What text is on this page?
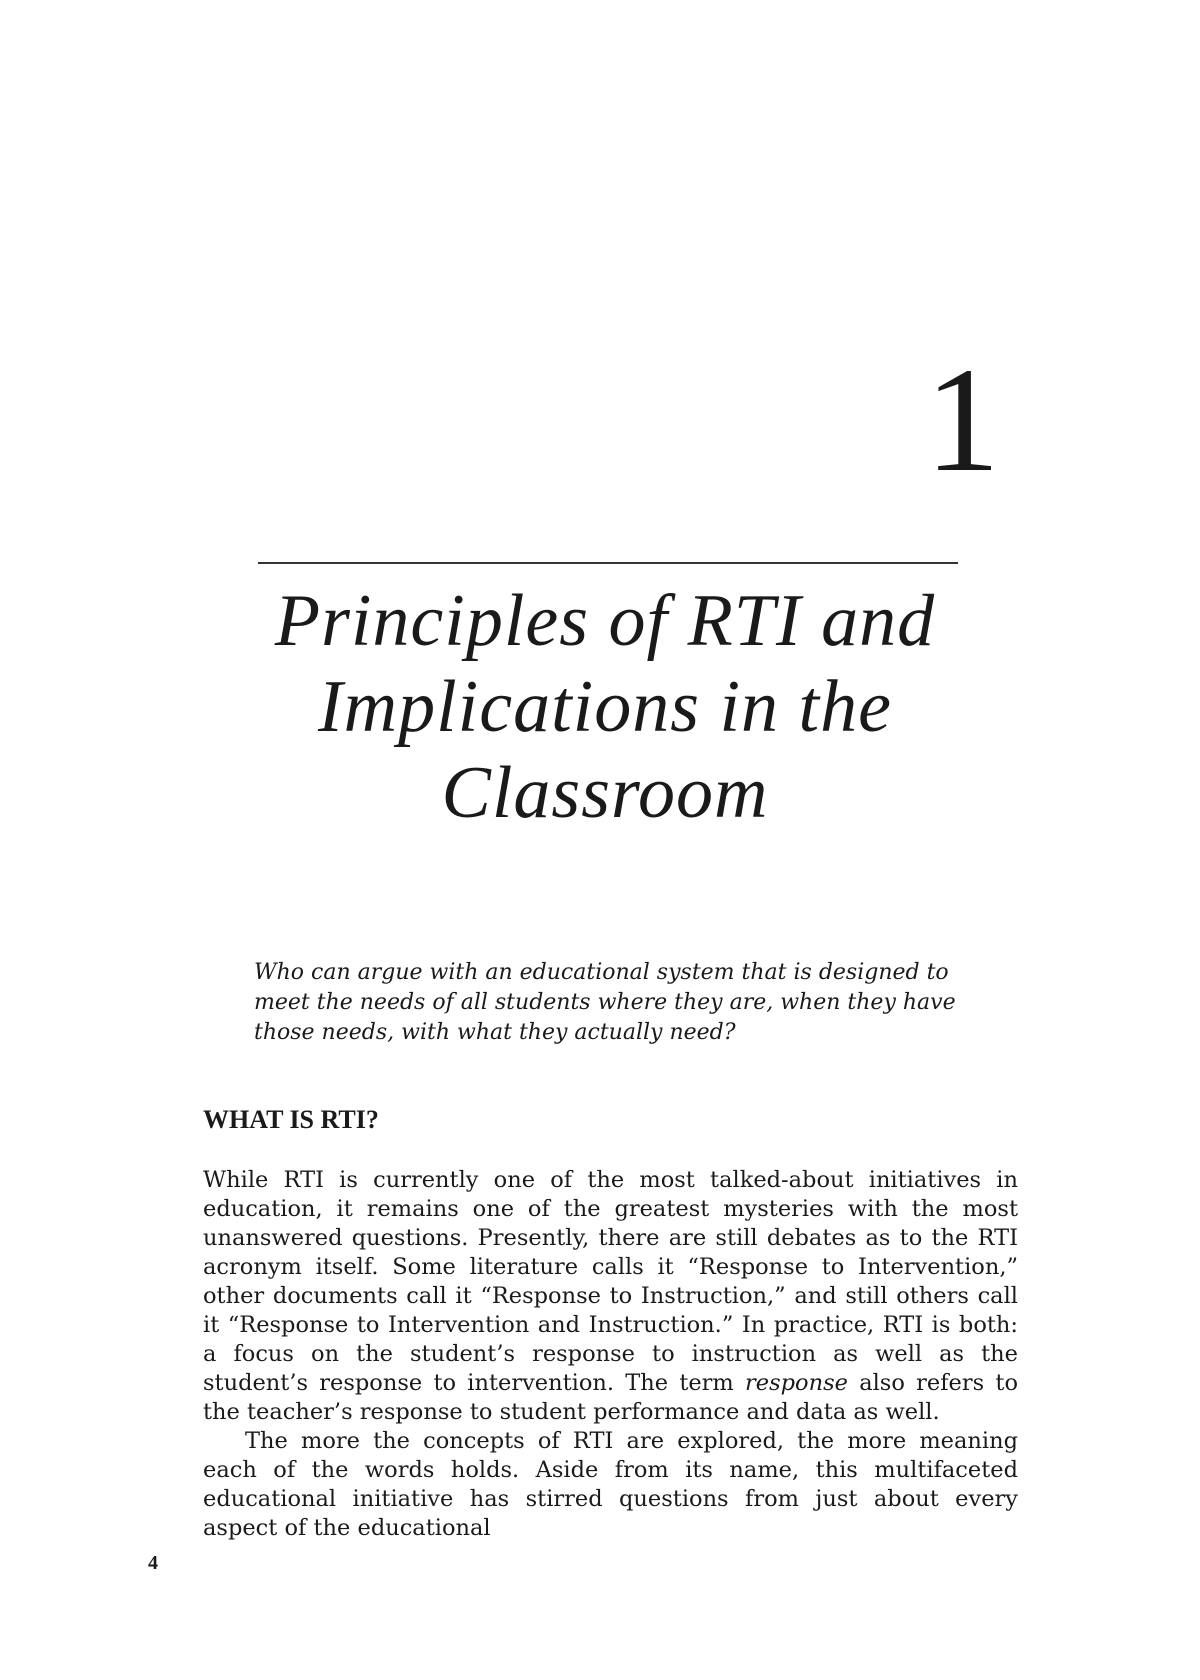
1
Principles of RTI and
Implications in the
Classroom

Who can argue with an educational system that is designed to meet the needs of all students where they are, when they have those needs, with what they actually need?

WHAT IS RTI?

While RTI is currently one of the most talked-about initiatives in education, it remains one of the greatest mysteries with the most unanswered questions. Presently, there are still debates as to the RTI acronym itself. Some literature calls it “Response to Intervention,” other documents call it “Response to Instruction,” and still others call it “Response to Intervention and Instruction.” In practice, RTI is both: a focus on the student’s response to instruction as well as the student’s response to intervention. The term response also refers to the teacher’s response to student performance and data as well.

The more the concepts of RTI are explored, the more meaning each of the words holds. Aside from its name, this multifaceted educational initiative has stirred questions from just about every aspect of the educational

4
